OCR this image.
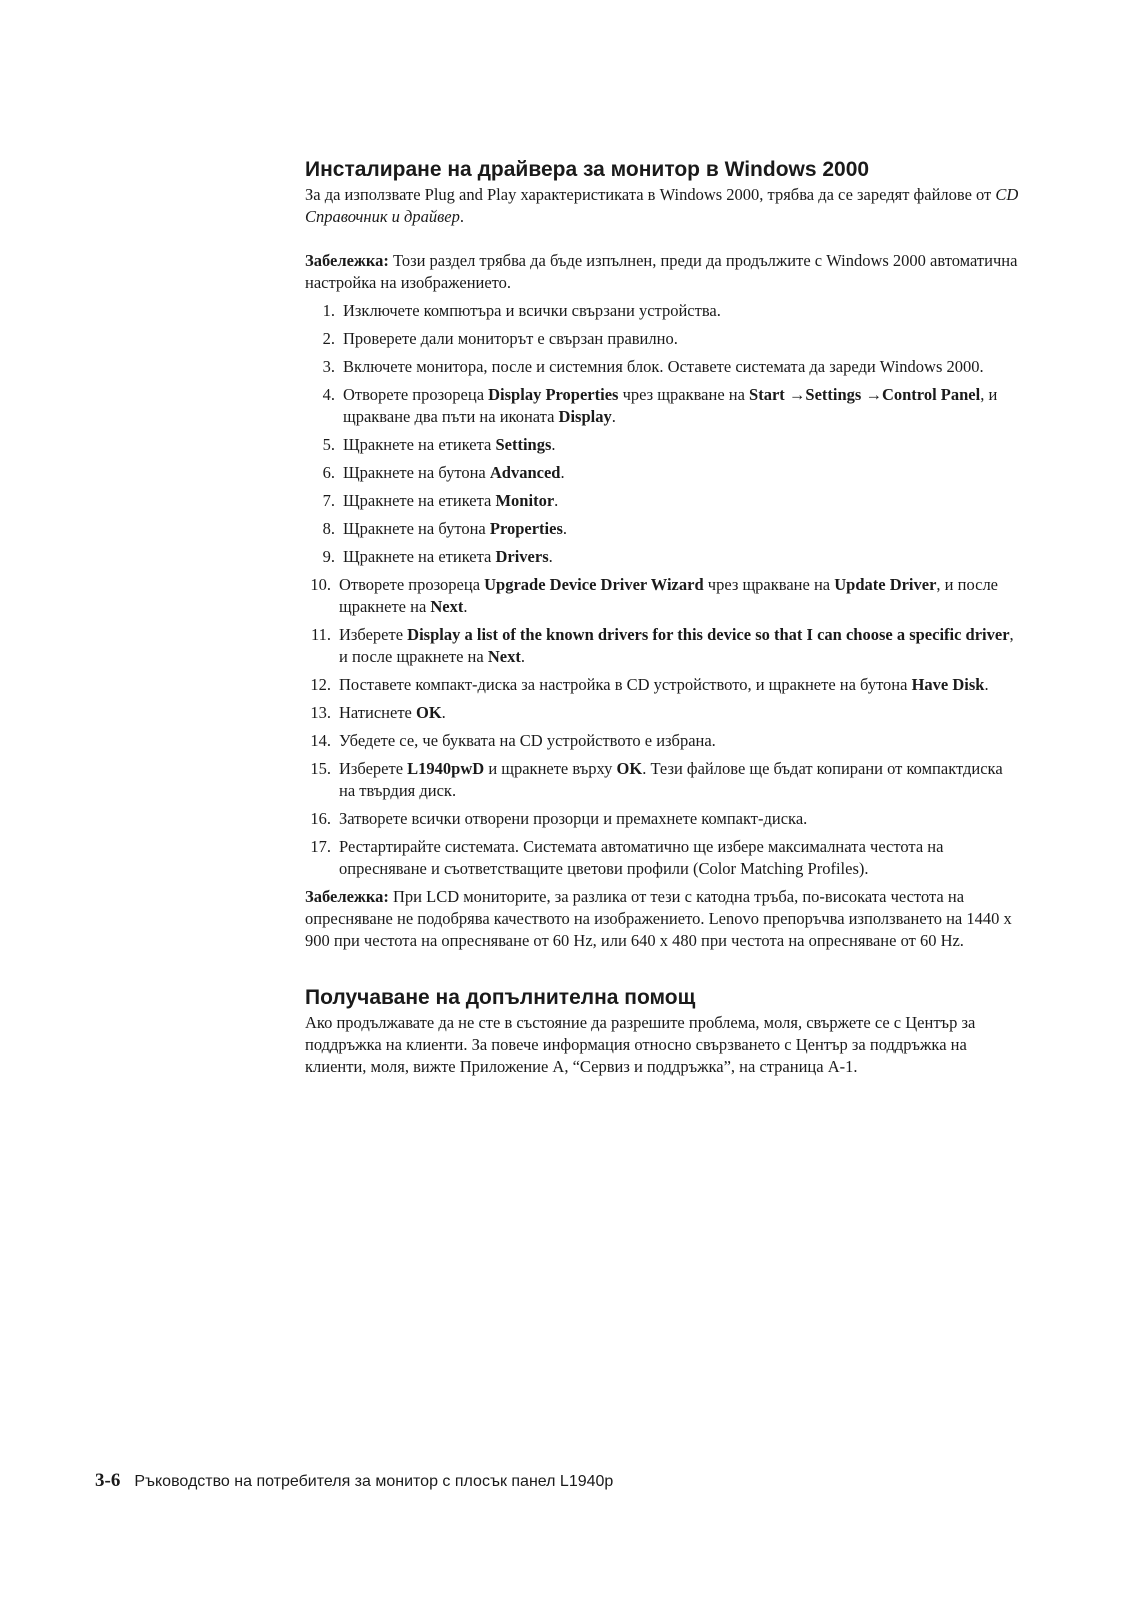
Инсталиране на драйвера за монитор в Windows 2000

За да използвате Plug and Play характеристиката в Windows 2000, трябва да се заредят файлове от CD Справочник и драйвер.

Забележка: Този раздел трябва да бъде изпълнен, преди да продължите с Windows 2000 автоматична настройка на изображението.

1. Изключете компютъра и всички свързани устройства.
2. Проверете дали мониторът е свързан правилно.
3. Включете монитора, после и системния блок. Оставете системата да зареди Windows 2000.
4. Отворете прозореца Display Properties чрез щракване на Start →Settings →Control Panel, и щракване два пъти на иконата Display.
5. Щракнете на етикета Settings.
6. Щракнете на бутона Advanced.
7. Щракнете на етикета Monitor.
8. Щракнете на бутона Properties.
9. Щракнете на етикета Drivers.
10. Отворете прозореца Upgrade Device Driver Wizard чрез щракване на Update Driver, и после щракнете на Next.
11. Изберете Display a list of the known drivers for this device so that I can choose a specific driver, и после щракнете на Next.
12. Поставете компакт-диска за настройка в CD устройството, и щракнете на бутона Have Disk.
13. Натиснете OK.
14. Убедете се, че буквата на CD устройството е избрана.
15. Изберете L1940pwD и щракнете върху OK. Тези файлове ще бъдат копирани от компактдиска на твърдия диск.
16. Затворете всички отворени прозорци и премахнете компакт-диска.
17. Рестартирайте системата. Системата автоматично ще избере максималната честота на опресняване и съответстващите цветови профили (Color Matching Profiles).

Забележка: При LCD мониторите, за разлика от тези с катодна тръба, по-високата честота на опресняване не подобрява качеството на изображението. Lenovo препоръчва използването на 1440 x 900 при честота на опресняване от 60 Hz, или 640 x 480 при честота на опресняване от 60 Hz.

Получаване на допълнителна помощ

Ако продължавате да не сте в състояние да разрешите проблема, моля, свържете се с Център за поддръжка на клиенти. За повече информация относно свързването с Център за поддръжка на клиенти, моля, вижте Приложение А, “Сервиз и поддръжка”, на страница А-1.

3-6 Ръководство на потребителя за монитор с плосък панел L1940p
